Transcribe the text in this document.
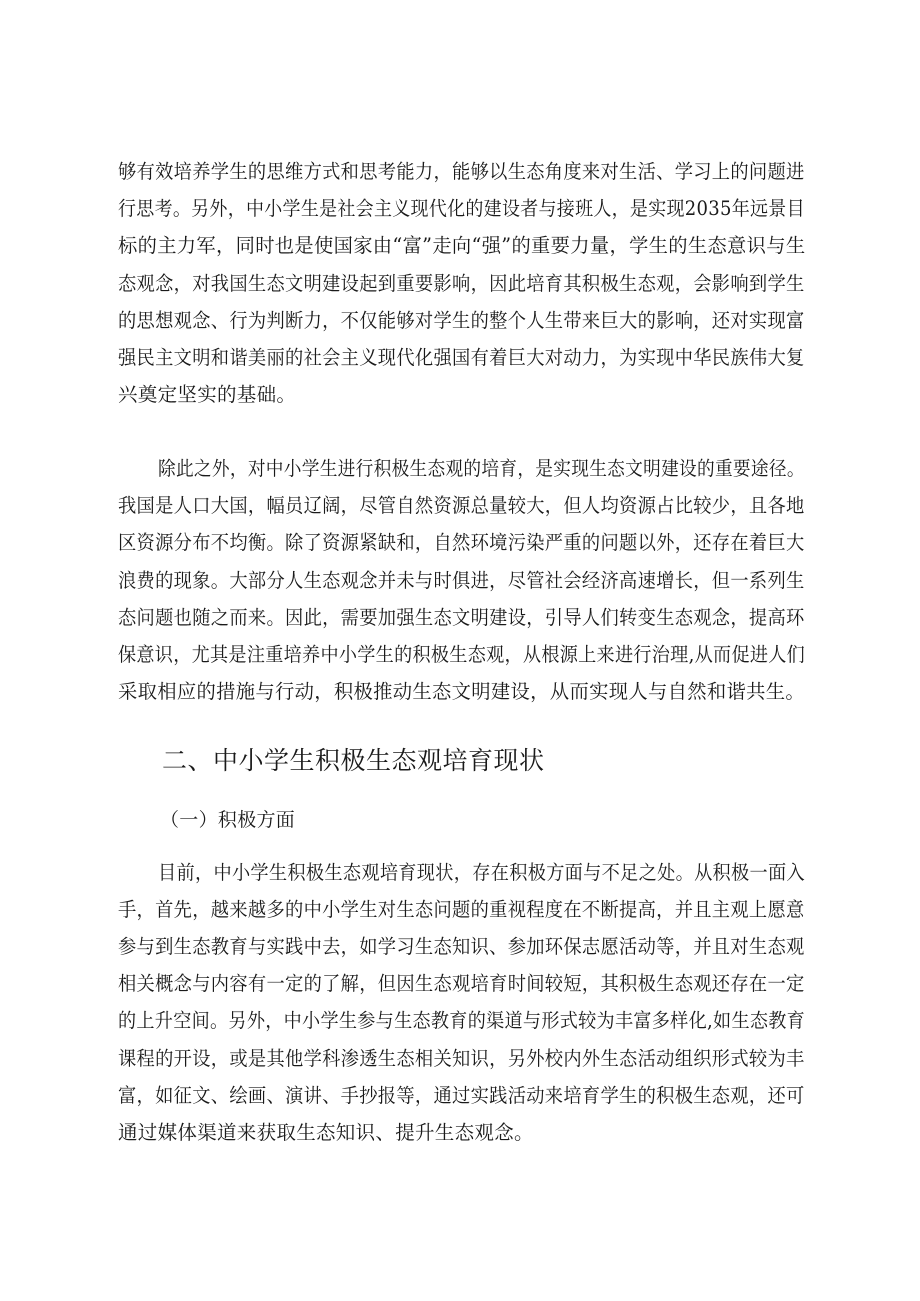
够有效培养学生的思维方式和思考能力，能够以生态角度来对生活、学习上的问题进
行思考。另外，中小学生是社会主义现代化的建设者与接班人，是实现2035年远景目
标的主力军，同时也是使国家由“富”走向“强”的重要力量，学生的生态意识与生
态观念，对我国生态文明建设起到重要影响，因此培育其积极生态观，会影响到学生
的思想观念、行为判断力，不仅能够对学生的整个人生带来巨大的影响，还对实现富
强民主文明和谐美丽的社会主义现代化强国有着巨大对动力，为实现中华民族伟大复
兴奠定坚实的基础。
除此之外，对中小学生进行积极生态观的培育，是实现生态文明建设的重要途径。
我国是人口大国，幅员辽阔，尽管自然资源总量较大，但人均资源占比较少，且各地
区资源分布不均衡。除了资源紧缺和，自然环境污染严重的问题以外，还存在着巨大
浪费的现象。大部分人生态观念并未与时俱进，尽管社会经济高速增长，但一系列生
态问题也随之而来。因此，需要加强生态文明建设，引导人们转变生态观念，提高环
保意识，尤其是注重培养中小学生的积极生态观，从根源上来进行治理,从而促进人们
采取相应的措施与行动，积极推动生态文明建设，从而实现人与自然和谐共生。
二、中小学生积极生态观培育现状
（一）积极方面
目前，中小学生积极生态观培育现状，存在积极方面与不足之处。从积极一面入
手，首先，越来越多的中小学生对生态问题的重视程度在不断提高，并且主观上愿意
参与到生态教育与实践中去，如学习生态知识、参加环保志愿活动等，并且对生态观
相关概念与内容有一定的了解，但因生态观培育时间较短，其积极生态观还存在一定
的上升空间。另外，中小学生参与生态教育的渠道与形式较为丰富多样化,如生态教育
课程的开设，或是其他学科渗透生态相关知识，另外校内外生态活动组织形式较为丰
富，如征文、绘画、演讲、手抄报等，通过实践活动来培育学生的积极生态观，还可
通过媒体渠道来获取生态知识、提升生态观念。
